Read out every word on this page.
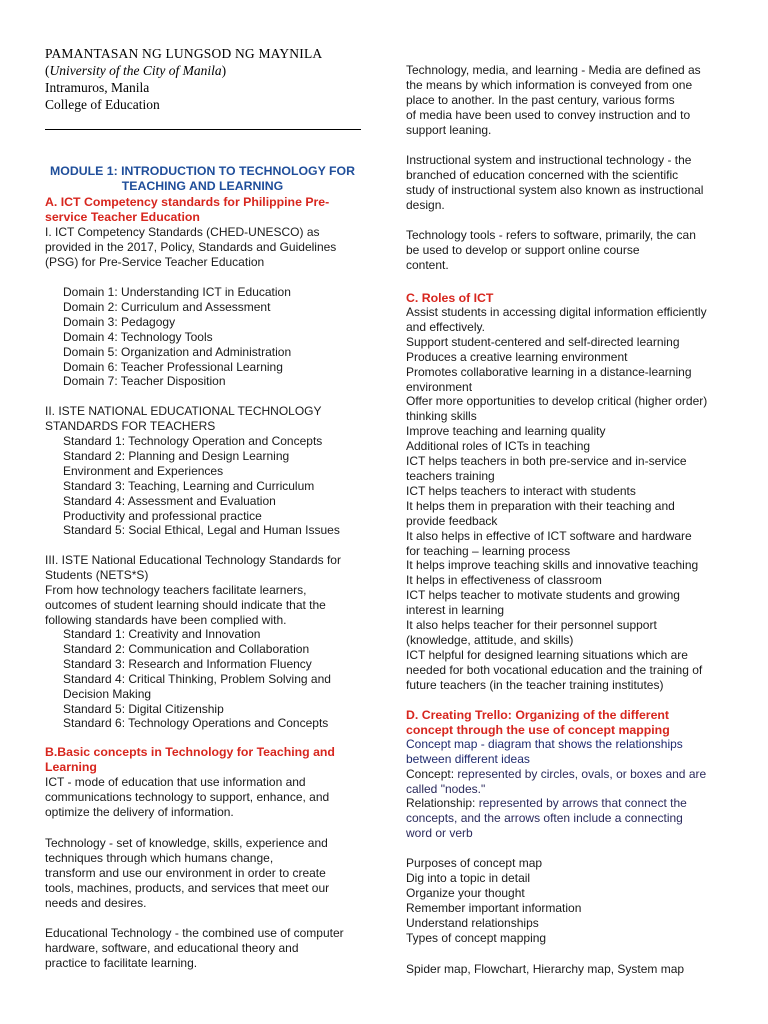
PAMANTASAN NG LUNGSOD NG MAYNILA
(University of the City of Manila)
Intramuros, Manila
College of Education
MODULE 1: INTRODUCTION TO TECHNOLOGY FOR
TEACHING AND LEARNING
A. ICT Competency standards for Philippine Pre-
service Teacher Education
I. ICT Competency Standards (CHED-UNESCO) as
provided in the 2017, Policy, Standards and Guidelines
(PSG) for Pre-Service Teacher Education
Domain 1: Understanding ICT in Education
Domain 2: Curriculum and Assessment
Domain 3: Pedagogy
Domain 4: Technology Tools
Domain 5: Organization and Administration
Domain 6: Teacher Professional Learning
Domain 7: Teacher Disposition
II. ISTE NATIONAL EDUCATIONAL TECHNOLOGY
STANDARDS FOR TEACHERS
Standard 1: Technology Operation and Concepts
Standard 2: Planning and Design Learning
Environment and Experiences
Standard 3: Teaching, Learning and Curriculum
Standard 4: Assessment and Evaluation
Productivity and professional practice
Standard 5: Social Ethical, Legal and Human Issues
III. ISTE National Educational Technology Standards for
Students (NETS*S)
From how technology teachers facilitate learners,
outcomes of student learning should indicate that the
following standards have been complied with.
Standard 1: Creativity and Innovation
Standard 2: Communication and Collaboration
Standard 3: Research and Information Fluency
Standard 4: Critical Thinking, Problem Solving and
Decision Making
Standard 5: Digital Citizenship
Standard 6: Technology Operations and Concepts
B.Basic concepts in Technology for Teaching and
Learning
ICT - mode of education that use information and
communications technology to support, enhance, and
optimize the delivery of information.
Technology - set of knowledge, skills, experience and
techniques through which humans change,
transform and use our environment in order to create
tools, machines, products, and services that meet our
needs and desires.
Educational Technology - the combined use of computer
hardware, software, and educational theory and
practice to facilitate learning.
Technology, media, and learning - Media are defined as
the means by which information is conveyed from one
place to another. In the past century, various forms
of media have been used to convey instruction and to
support leaning.
Instructional system and instructional technology - the
branched of education concerned with the scientific
study of instructional system also known as instructional
design.
Technology tools - refers to software, primarily, the can
be used to develop or support online course
content.
C. Roles of ICT
Assist students in accessing digital information efficiently
and effectively.
Support student-centered and self-directed learning
Produces a creative learning environment
Promotes collaborative learning in a distance-learning
environment
Offer more opportunities to develop critical (higher order)
thinking skills
Improve teaching and learning quality
Additional roles of ICTs in teaching
ICT helps teachers in both pre-service and in-service
teachers training
ICT helps teachers to interact with students
It helps them in preparation with their teaching and
provide feedback
It also helps in effective of ICT software and hardware
for teaching – learning process
It helps improve teaching skills and innovative teaching
It helps in effectiveness of classroom
ICT helps teacher to motivate students and growing
interest in learning
It also helps teacher for their personnel support
(knowledge, attitude, and skills)
ICT helpful for designed learning situations which are
needed for both vocational education and the training of
future teachers (in the teacher training institutes)
D. Creating Trello: Organizing of the different
concept through the use of concept mapping
Concept map - diagram that shows the relationships
between different ideas
Concept: represented by circles, ovals, or boxes and are
called "nodes."
Relationship: represented by arrows that connect the
concepts, and the arrows often include a connecting
word or verb
Purposes of concept map
Dig into a topic in detail
Organize your thought
Remember important information
Understand relationships
Types of concept mapping
Spider map, Flowchart, Hierarchy map, System map
